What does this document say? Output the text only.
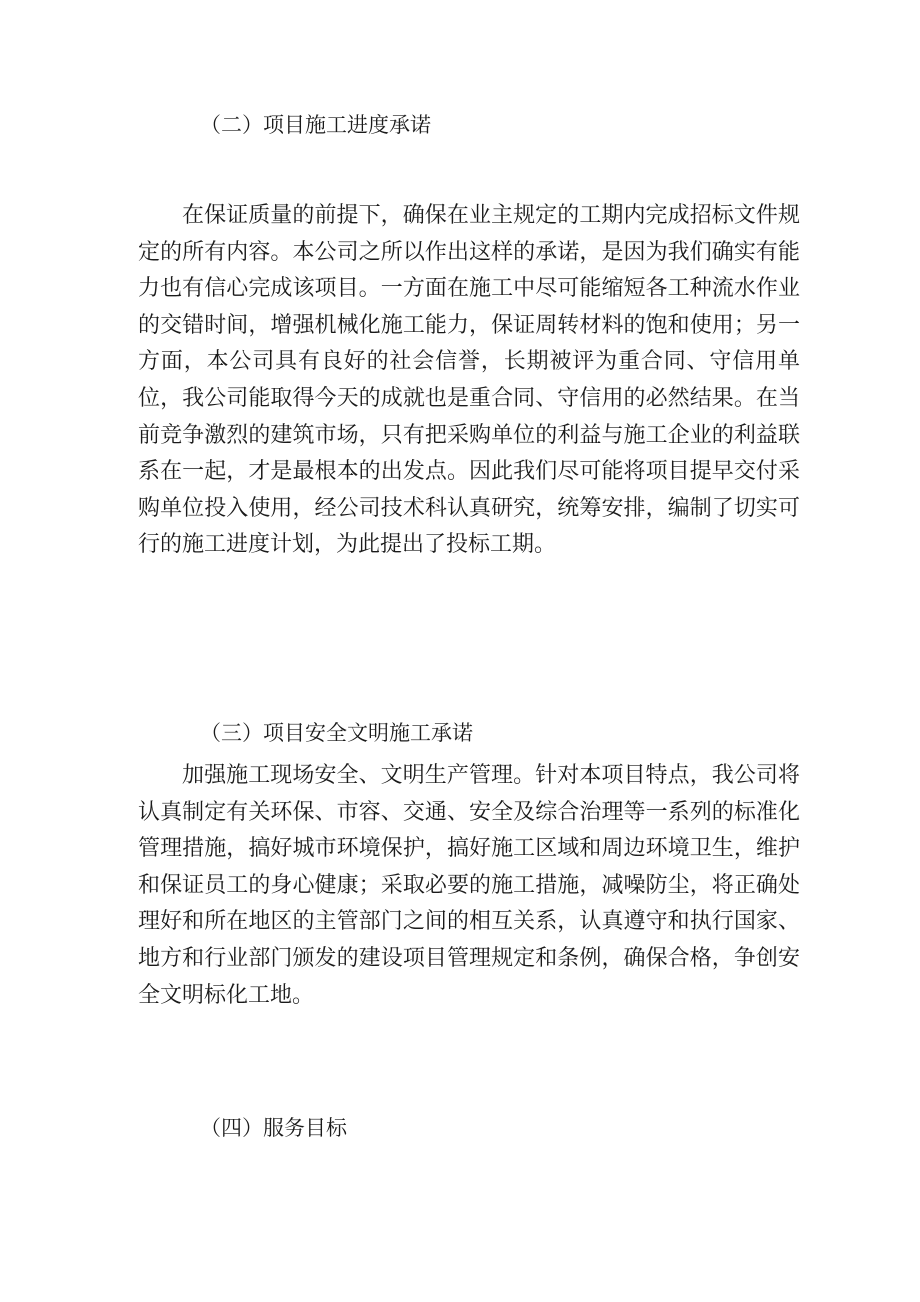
（二）项目施工进度承诺

在保证质量的前提下，确保在业主规定的工期内完成招标文件规定的所有内容。本公司之所以作出这样的承诺，是因为我们确实有能力也有信心完成该项目。一方面在施工中尽可能缩短各工种流水作业的交错时间，增强机械化施工能力，保证周转材料的饱和使用；另一方面，本公司具有良好的社会信誉，长期被评为重合同、守信用单位，我公司能取得今天的成就也是重合同、守信用的必然结果。在当前竞争激烈的建筑市场，只有把采购单位的利益与施工企业的利益联系在一起，才是最根本的出发点。因此我们尽可能将项目提早交付采购单位投入使用，经公司技术科认真研究，统筹安排，编制了切实可行的施工进度计划，为此提出了投标工期。

（三）项目安全文明施工承诺

加强施工现场安全、文明生产管理。针对本项目特点，我公司将认真制定有关环保、市容、交通、安全及综合治理等一系列的标准化管理措施，搞好城市环境保护，搞好施工区域和周边环境卫生，维护和保证员工的身心健康；采取必要的施工措施，减噪防尘，将正确处理好和所在地区的主管部门之间的相互关系，认真遵守和执行国家、地方和行业部门颁发的建设项目管理规定和条例，确保合格，争创安全文明标化工地。

（四）服务目标
